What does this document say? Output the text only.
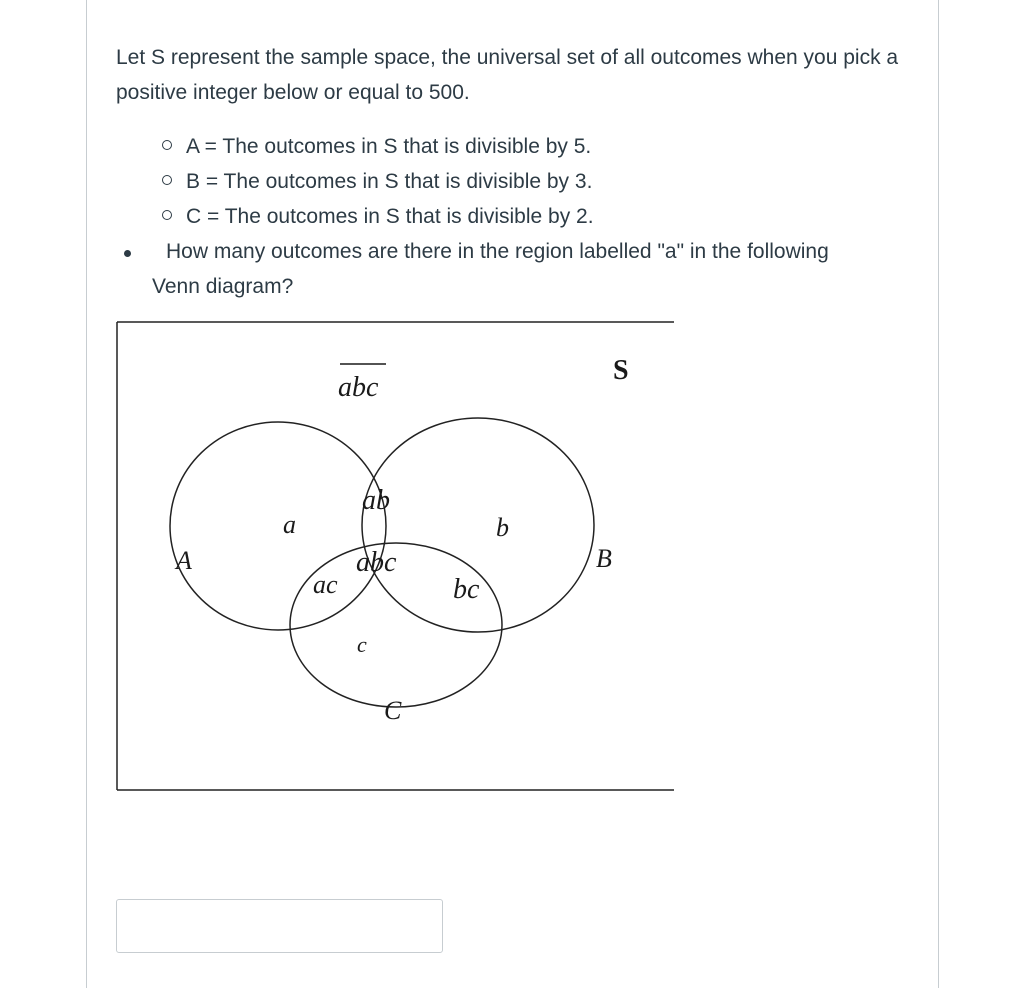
Let S represent the sample space, the universal set of all outcomes when you pick a positive integer below or equal to 500.

A = The outcomes in S that is divisible by 5.
B = The outcomes in S that is divisible by 3.
C = The outcomes in S that is divisible by 2.
How many outcomes are there in the region labelled "a" in the following
Venn diagram?
S
abc
a	b
c
ab
ac	bc
abc
A	B
C
